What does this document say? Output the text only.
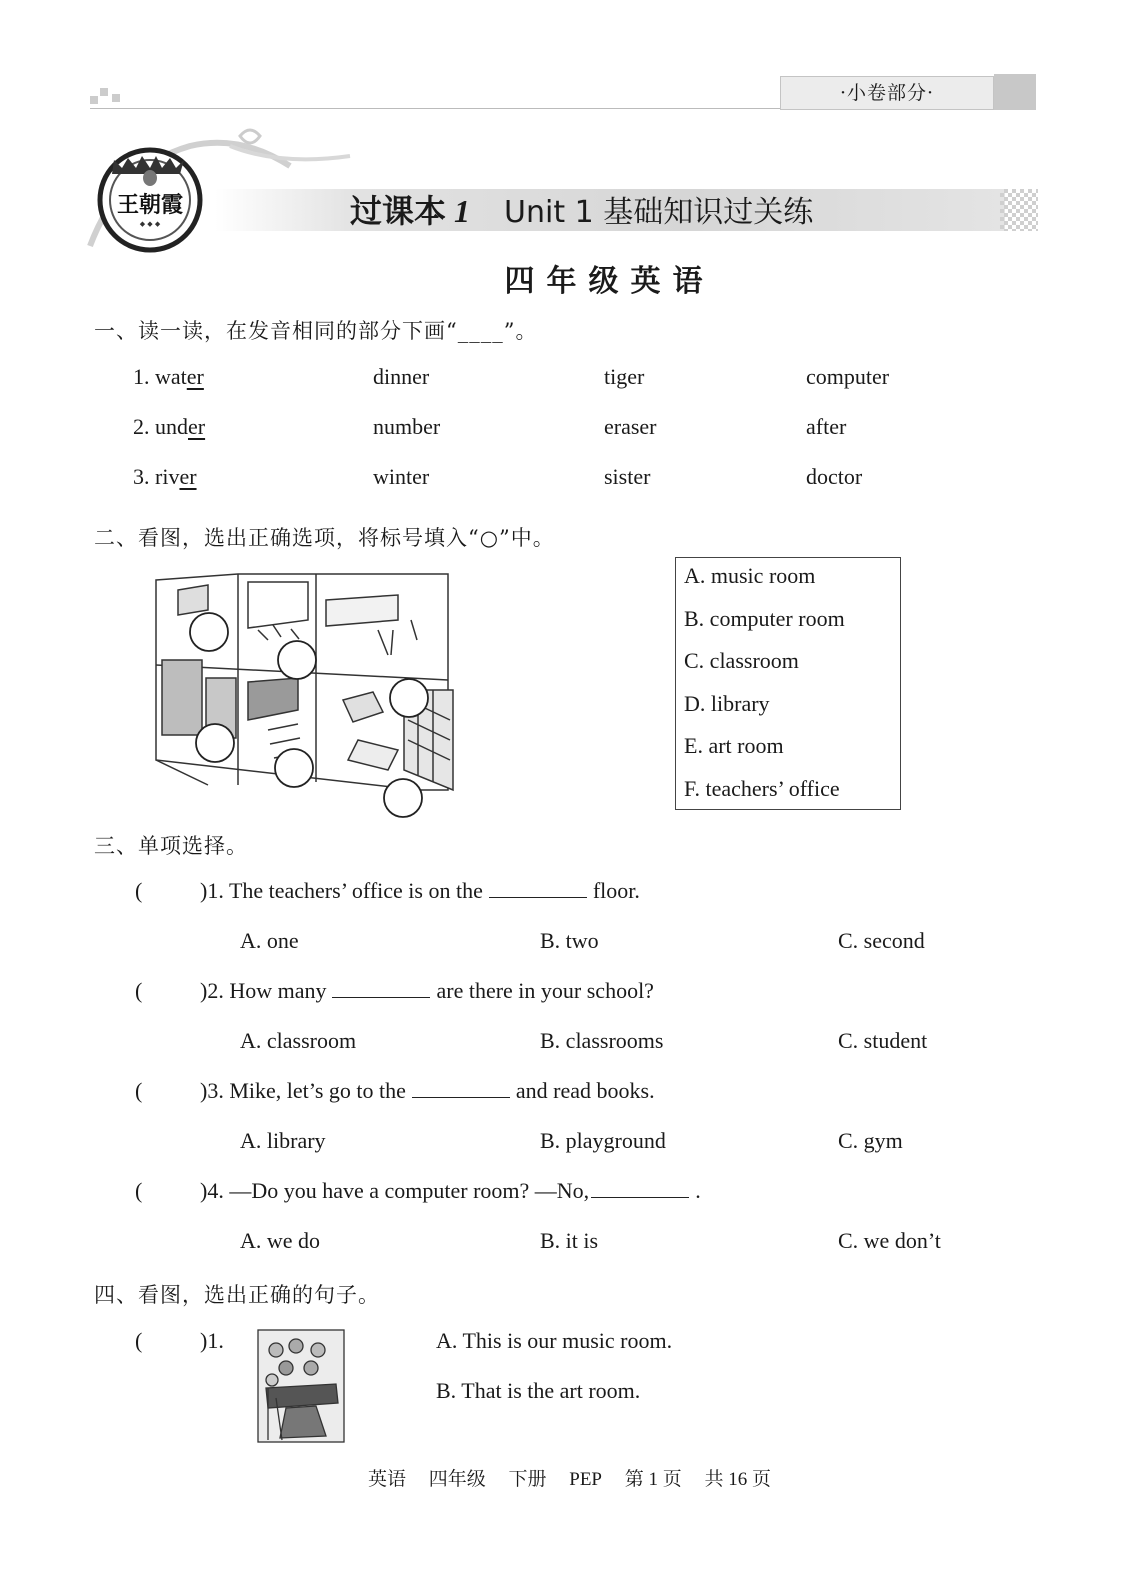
·小卷部分·
王朝霞
◆ ◆ ◆	过课本 1 Unit 1 基础知识过关练
四年级英语
一、读一读，在发音相同的部分下画“____”。
1. water	dinner	tiger	computer
2. under	number	eraser	after
3. river	winter	sister	doctor
二、看图，选出正确选项，将标号填入“○”中。
A. music room
B. computer room
C. classroom
D. library
E. art room
F. teachers’ office
三、单项选择。
(	)1. The teachers’ office is on the	floor.
A. one	B. two	C. second
(	)2. How many	are there in your school?
A. classroom	B. classrooms	C. student
(	)3. Mike, let’s go to the	and read books.
A. library	B. playground	C. gym
(	)4. —Do you have a computer room? —No,	.
A. we do	B. it is	C. we don’t
四、看图，选出正确的句子。
(	)1.	A. This is our music room.
B. That is the art room.
英语 四年级 下册 PEP 第 1 页 共 16 页
